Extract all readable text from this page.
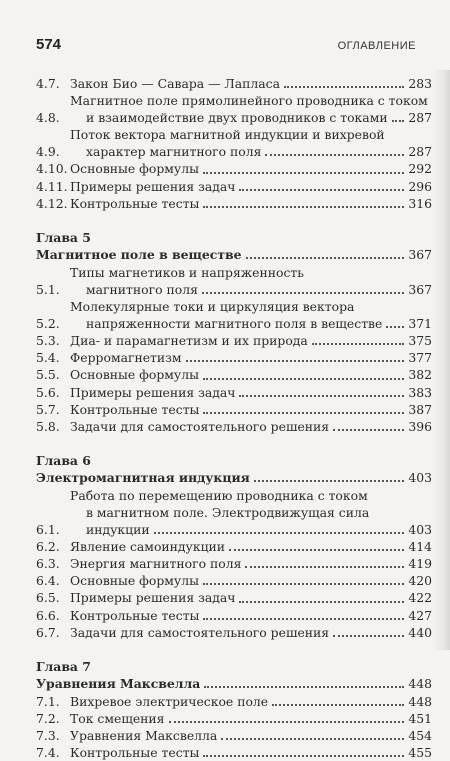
574	ОГЛАВЛЕНИЕ
4.7. Закон Био — Савара — Лапласа	283
4.8.
Магнитное поле прямолинейного проводника с током
и взаимодействие двух проводников с токами 287
4.9.
Поток вектора магнитной индукции и вихревой
характер магнитного поля	287
4.10. Основные формулы	292
4.11. Примеры решения задач	296
4.12. Контрольные тесты	316
Глава 5
Магнитное поле в веществе	367
5.1.
Типы магнетиков и напряженность
магнитного поля	367
5.2.
Молекулярные токи и циркуляция вектора
напряженности магнитного поля в веществе 371
5.3. Диа- и парамагнетизм и их природа	375
5.4. Ферромагнетизм	377
5.5. Основные формулы	382
5.6. Примеры решения задач	383
5.7. Контрольные тесты	387
5.8. Задачи для самостоятельного решения	396
Глава 6
Электромагнитная индукция	403
6.1.
Работа по перемещению проводника с током
в магнитном поле. Электродвижущая сила
индукции	403
6.2. Явление самоиндукции	414
6.3. Энергия магнитного поля	419
6.4. Основные формулы	420
6.5. Примеры решения задач	422
6.6. Контрольные тесты	427
6.7. Задачи для самостоятельного решения	440
Глава 7
Уравнения Максвелла	448
7.1. Вихревое электрическое поле	448
7.2. Ток смещения	451
7.3. Уравнения Максвелла	454
7.4. Контрольные тесты	455
